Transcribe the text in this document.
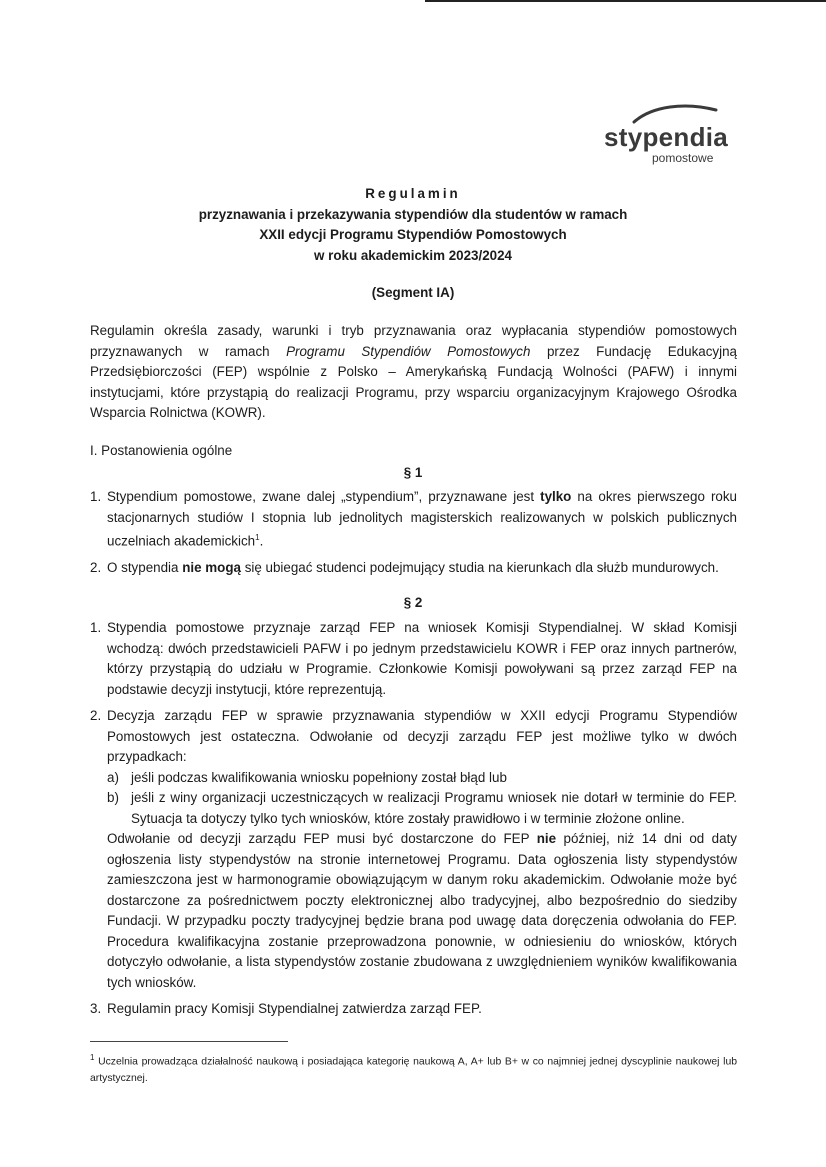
stypendia
pomostowe
Regulamin
przyznawania i przekazywania stypendiów dla studentów w ramach
XXII edycji Programu Stypendiów Pomostowych
w roku akademickim 2023/2024
(Segment IA)
Regulamin określa zasady, warunki i tryb przyznawania oraz wypłacania stypendiów pomostowych przyznawanych w ramach Programu Stypendiów Pomostowych przez Fundację Edukacyjną Przedsiębiorczości (FEP) wspólnie z Polsko – Amerykańską Fundacją Wolności (PAFW) i innymi instytucjami, które przystąpią do realizacji Programu, przy wsparciu organizacyjnym Krajowego Ośrodka Wsparcia Rolnictwa (KOWR).
I. Postanowienia ogólne
§ 1
1. Stypendium pomostowe, zwane dalej „stypendium”, przyznawane jest tylko na okres pierwszego roku stacjonarnych studiów I stopnia lub jednolitych magisterskich realizowanych w polskich publicznych uczelniach akademickich$^1$.
2. O stypendia nie mogą się ubiegać studenci podejmujący studia na kierunkach dla służb mundurowych.
§ 2
1. Stypendia pomostowe przyznaje zarząd FEP na wniosek Komisji Stypendialnej. W skład Komisji wchodzą: dwóch przedstawicieli PAFW i po jednym przedstawicielu KOWR i FEP oraz innych partnerów, którzy przystąpią do udziału w Programie. Członkowie Komisji powoływani są przez zarząd FEP na podstawie decyzji instytucji, które reprezentują.
2. Decyzja zarządu FEP w sprawie przyznawania stypendiów w XXII edycji Programu Stypendiów Pomostowych jest ostateczna. Odwołanie od decyzji zarządu FEP jest możliwe tylko w dwóch przypadkach:
a) jeśli podczas kwalifikowania wniosku popełniony został błąd lub
b) jeśli z winy organizacji uczestniczących w realizacji Programu wniosek nie dotarł w terminie do FEP. Sytuacja ta dotyczy tylko tych wniosków, które zostały prawidłowo i w terminie złożone online.
Odwołanie od decyzji zarządu FEP musi być dostarczone do FEP nie później, niż 14 dni od daty ogłoszenia listy stypendystów na stronie internetowej Programu. Data ogłoszenia listy stypendystów zamieszczona jest w harmonogramie obowiązującym w danym roku akademickim. Odwołanie może być dostarczone za pośrednictwem poczty elektronicznej albo tradycyjnej, albo bezpośrednio do siedziby Fundacji. W przypadku poczty tradycyjnej będzie brana pod uwagę data doręczenia odwołania do FEP. Procedura kwalifikacyjna zostanie przeprowadzona ponownie, w odniesieniu do wniosków, których dotyczyło odwołanie, a lista stypendystów zostanie zbudowana z uwzględnieniem wyników kwalifikowania tych wniosków.
3. Regulamin pracy Komisji Stypendialnej zatwierdza zarząd FEP.
$^1$ Uczelnia prowadząca działalność naukową i posiadająca kategorię naukową A, A+ lub B+ w co najmniej jednej dyscyplinie naukowej lub artystycznej.
